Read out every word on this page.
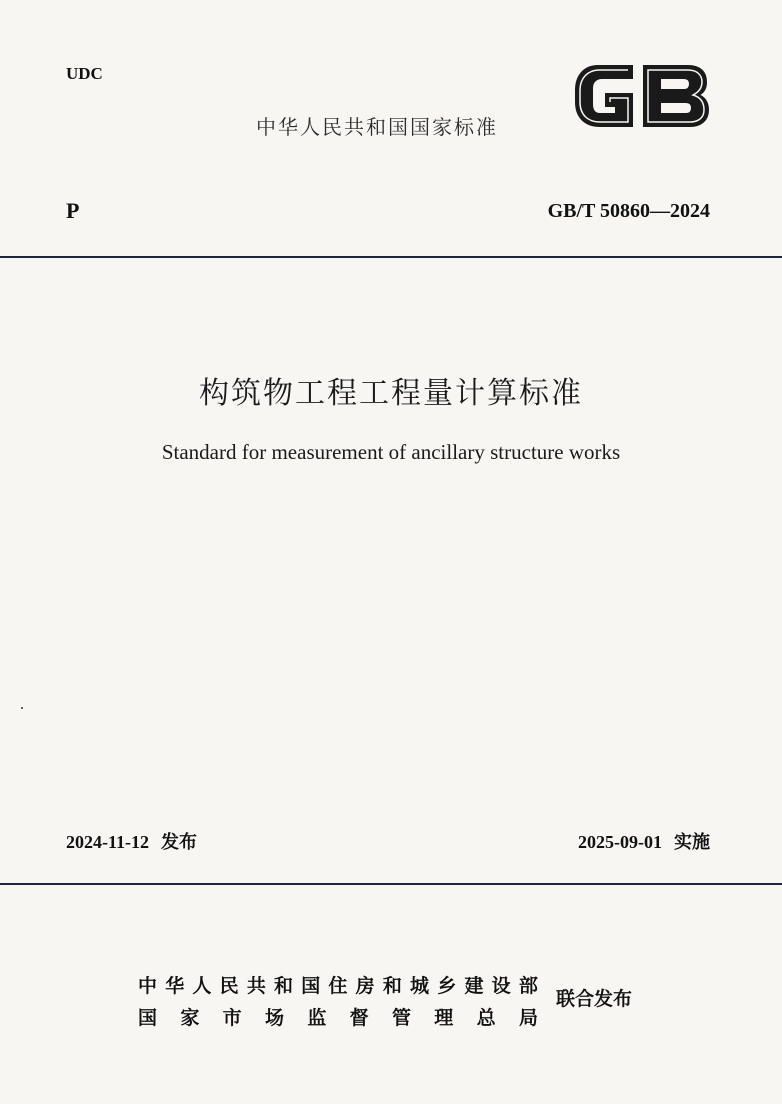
UDC
中华人民共和国国家标准
GB
P	GB/T 50860—2024
构筑物工程工程量计算标准
Standard for measurement of ancillary structure works
2024-11-12 发布	2025-09-01 实施
中 华 人 民 共 和 国 住 房 和 城 乡 建 设 部
国 家 市 场 监 督 管 理 总 局
联合发布
